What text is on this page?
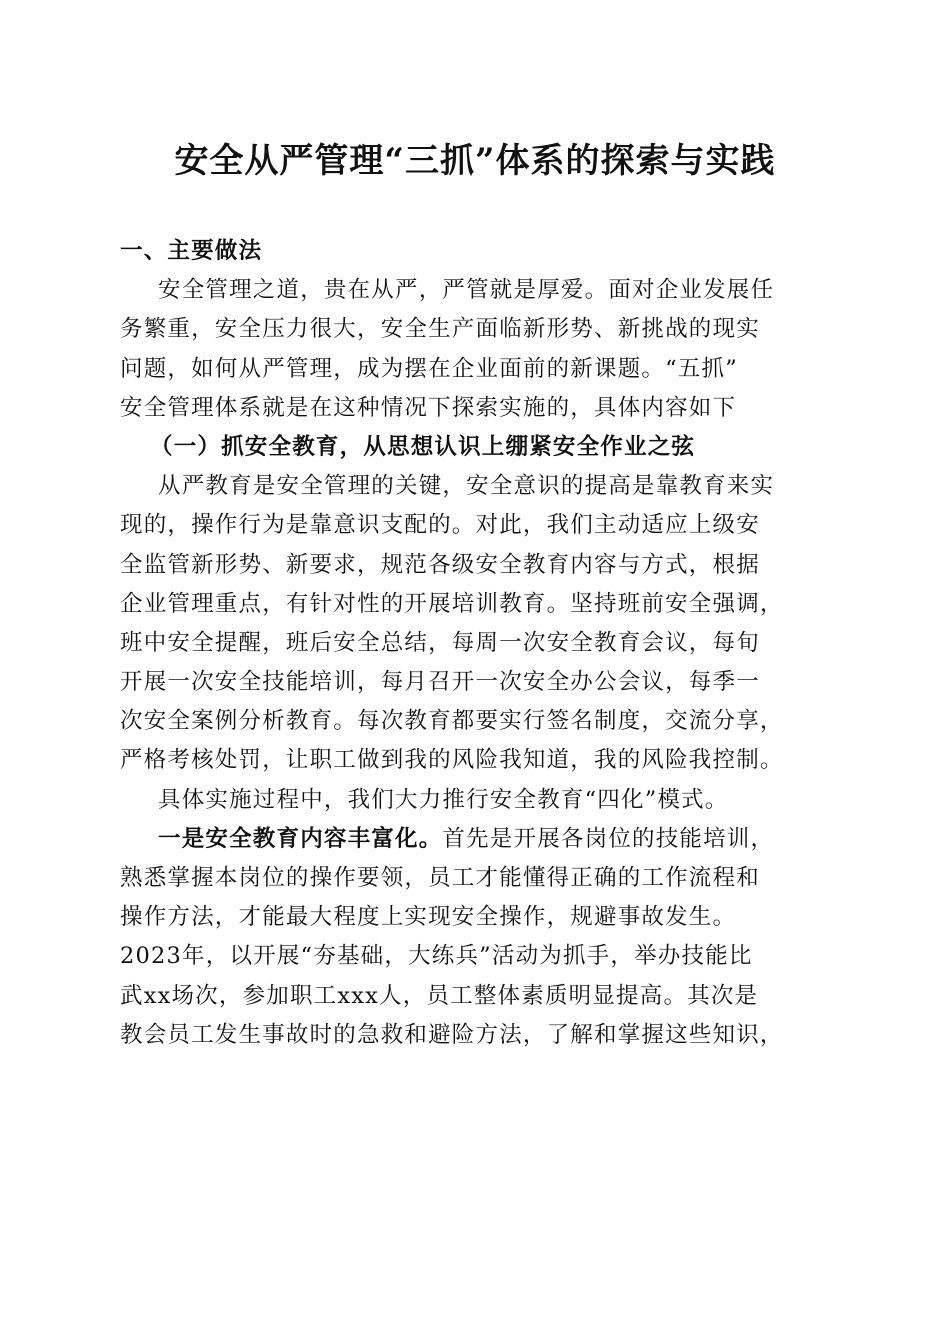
安全从严管理“三抓”体系的探索与实践
一、主要做法
安全管理之道，贵在从严，严管就是厚爱。面对企业发展任
务繁重，安全压力很大，安全生产面临新形势、新挑战的现实
问题，如何从严管理，成为摆在企业面前的新课题。“五抓”
安全管理体系就是在这种情况下探索实施的，具体内容如下
（一）抓安全教育，从思想认识上绷紧安全作业之弦
从严教育是安全管理的关键，安全意识的提高是靠教育来实
现的，操作行为是靠意识支配的。对此，我们主动适应上级安
全监管新形势、新要求，规范各级安全教育内容与方式，根据
企业管理重点，有针对性的开展培训教育。坚持班前安全强调，
班中安全提醒，班后安全总结，每周一次安全教育会议，每旬
开展一次安全技能培训，每月召开一次安全办公会议，每季一
次安全案例分析教育。每次教育都要实行签名制度，交流分享，
严格考核处罚，让职工做到我的风险我知道，我的风险我控制。
具体实施过程中，我们大力推行安全教育“四化”模式。
一是安全教育内容丰富化。首先是开展各岗位的技能培训，
熟悉掌握本岗位的操作要领，员工才能懂得正确的工作流程和
操作方法，才能最大程度上实现安全操作，规避事故发生。
2023年，以开展“夯基础，大练兵”活动为抓手，举办技能比
武xx场次，参加职工xxx人，员工整体素质明显提高。其次是
教会员工发生事故时的急救和避险方法，了解和掌握这些知识，
